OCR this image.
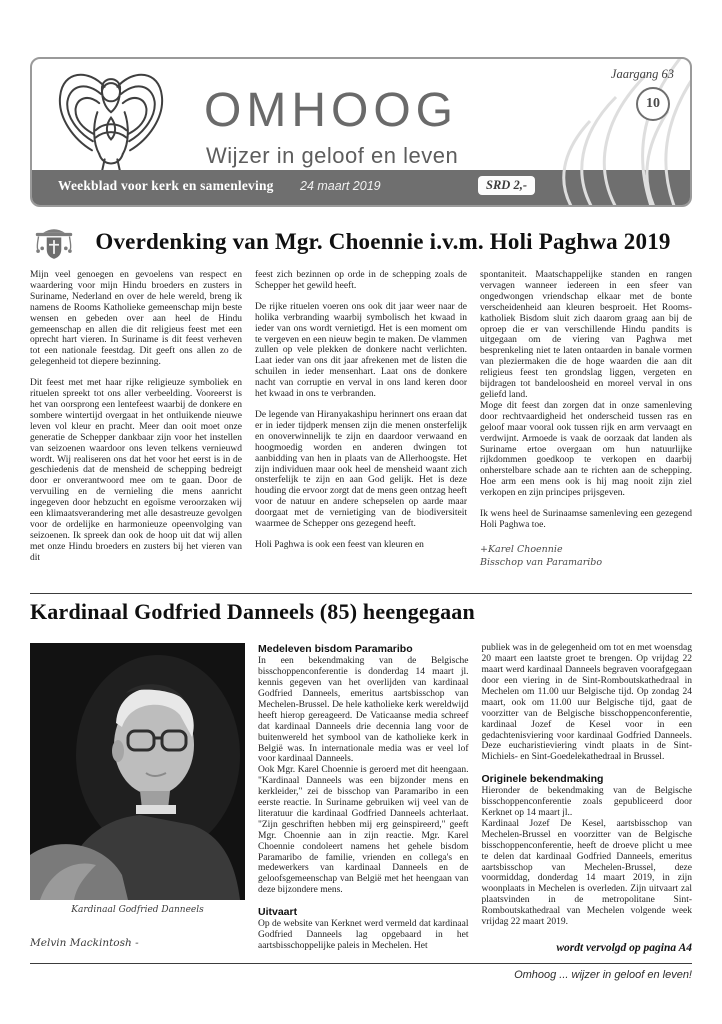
OMHOOG
Wijzer in geloof en leven
Jaargang 63
10
Weekblad voor kerk en samenleving 24 maart 2019	SRD 2,-
Overdenking van Mgr. Choennie i.v.m. Holi Paghwa 2019

Mijn veel genoegen en gevoelens van respect en waardering voor mijn Hindu broeders en zusters in Suriname, Nederland en over de hele wereld, breng ik namens de Rooms Katholieke gemeenschap mijn beste wensen en gebeden over aan heel de Hindu gemeenschap en allen die dit religieus feest met een oprecht hart vieren. In Suriname is dit feest verheven tot een nationale feestdag. Dit geeft ons allen zo de gelegenheid tot diepere bezinning.

Dit feest met met haar rijke religieuze symboliek en rituelen spreekt tot ons aller verbeelding. Vooreerst is het van oorsprong een lentefeest waarbij de donkere en sombere wintertijd overgaat in het ontluikende nieuwe leven vol kleur en pracht. Meer dan ooit moet onze generatie de Schepper dankbaar zijn voor het instellen van seizoenen waardoor ons leven telkens vernieuwd wordt. Wij realiseren ons dat het voor het eerst is in de geschiedenis dat de mensheid de schepping bedreigt door er onverantwoord mee om te gaan. Door de vervuiling en de vernieling die mens aanricht ingegeven door hebzucht en egoïsme veroorzaken wij een klimaatsverandering met alle desastreuze gevolgen voor de ordelijke en harmonieuze opeenvolging van seizoenen. Ik spreek dan ook de hoop uit dat wij allen met onze Hindu broeders en zusters bij het vieren van dit

feest zich bezinnen op orde in de schepping zoals de Schepper het gewild heeft.

De rijke rituelen voeren ons ook dit jaar weer naar de holika verbranding waarbij symbolisch het kwaad in ieder van ons wordt vernietigd. Het is een moment om te vergeven en een nieuw begin te maken. De vlammen zullen op vele plekken de donkere nacht verlichten. Laat ieder van ons dit jaar afrekenen met de listen die schuilen in ieder mensenhart. Laat ons de donkere nacht van corruptie en verval in ons land keren door het kwaad in ons te verbranden.

De legende van Hiranyakashipu herinnert ons eraan dat er in ieder tijdperk mensen zijn die menen onsterfelijk en onoverwinnelijk te zijn en daardoor verwaand en hoogmoedig worden en anderen dwingen tot aanbidding van hen in plaats van de Allerhoogste. Het zijn individuen maar ook heel de mensheid waant zich onsterfelijk te zijn en aan God gelijk. Het is deze houding die ervoor zorgt dat de mens geen ontzag heeft voor de natuur en andere schepselen op aarde maar doorgaat met de vernietiging van de biodiversiteit waarmee de Schepper ons gezegend heeft.

Holi Paghwa is ook een feest van kleuren en

spontaniteit. Maatschappelijke standen en rangen vervagen wanneer iedereen in een sfeer van ongedwongen vriendschap elkaar met de bonte verscheidenheid aan kleuren besproeit. Het Rooms-katholiek Bisdom sluit zich daarom graag aan bij de oproep die er van verschillende Hindu pandits is uitgegaan om de viering van Paghwa met besprenkeling niet te laten ontaarden in banale vormen van pleziermaken die de hoge waarden die aan dit religieus feest ten grondslag liggen, vergeten en bijdragen tot bandeloosheid en moreel verval in ons geliefd land.

Moge dit feest dan zorgen dat in onze samenleving door rechtvaardigheid het onderscheid tussen ras en geloof maar vooral ook tussen rijk en arm vervaagt en verdwijnt. Armoede is vaak de oorzaak dat landen als Suriname ertoe overgaan om hun natuurlijke rijkdommen goedkoop te verkopen en daarbij onherstelbare schade aan te richten aan de schepping. Hoe arm een mens ook is hij mag nooit zijn ziel verkopen en zijn principes prijsgeven.

Ik wens heel de Surinaamse samenleving een gezegend Holi Paghwa toe.

+Karel Choennie
Bisschop van Paramaribo
Kardinaal Godfried Danneels (85) heengegaan
Kardinaal Godfried Danneels
Melvin Mackintosh -
Medeleven bisdom Paramaribo

In een bekendmaking van de Belgische bisschoppenconferentie is donderdag 14 maart jl. kennis gegeven van het overlijden van kardinaal Godfried Danneels, emeritus aartsbisschop van Mechelen-Brussel. De hele katholieke kerk wereldwijd heeft hierop gereageerd. De Vaticaanse media schreef dat kardinaal Danneels drie decennia lang voor de buitenwereld het symbool van de katholieke kerk in België was. In internationale media was er veel lof voor kardinaal Danneels.

Ook Mgr. Karel Choennie is geroerd met dit heengaan. "Kardinaal Danneels was een bijzonder mens en kerkleider," zei de bisschop van Paramaribo in een eerste reactie. In Suriname gebruiken wij veel van de literatuur die kardinaal Godfried Danneels achterlaat. "Zijn geschriften hebben mij erg geinspireerd," geeft Mgr. Choennie aan in zijn reactie. Mgr. Karel Choennie condoleert namens het gehele bisdom Paramaribo de familie, vrienden en collega's en medewerkers van kardinaal Danneels en de geloofsgemeenschap van België met het heengaan van deze bijzondere mens.

Uitvaart

Op de website van Kerknet werd vermeld dat kardinaal Godfried Danneels lag opgebaard in het aartsbisschoppelijke paleis in Mechelen. Het

publiek was in de gelegenheid om tot en met woensdag 20 maart een laatste groet te brengen. Op vrijdag 22 maart werd kardinaal Danneels begraven voorafgegaan door een viering in de Sint-Romboutskathedraal in Mechelen om 11.00 uur Belgische tijd. Op zondag 24 maart, ook om 11.00 uur Belgische tijd, gaat de voorzitter van de Belgische bisschoppenconferentie, kardinaal Jozef de Kesel voor in een gedachtenisviering voor kardinaal Godfried Danneels. Deze eucharistieviering vindt plaats in de Sint-Michiels- en Sint-Goedelekathedraal in Brussel.

Originele bekendmaking

Hieronder de bekendmaking van de Belgische bisschoppenconferentie zoals gepubliceerd door Kerknet op 14 maart jl..

Kardinaal Jozef De Kesel, aartsbisschop van Mechelen-Brussel en voorzitter van de Belgische bisschoppenconferentie, heeft de droeve plicht u mee te delen dat kardinaal Godfried Danneels, emeritus aartsbisschop van Mechelen-Brussel, deze voormiddag, donderdag 14 maart 2019, in zijn woonplaats in Mechelen is overleden. Zijn uitvaart zal plaatsvinden in de metropolitane Sint-Romboutskathedraal van Mechelen volgende week vrijdag 22 maart 2019.

wordt vervolgd op pagina A4
Omhoog ... wijzer in geloof en leven!
